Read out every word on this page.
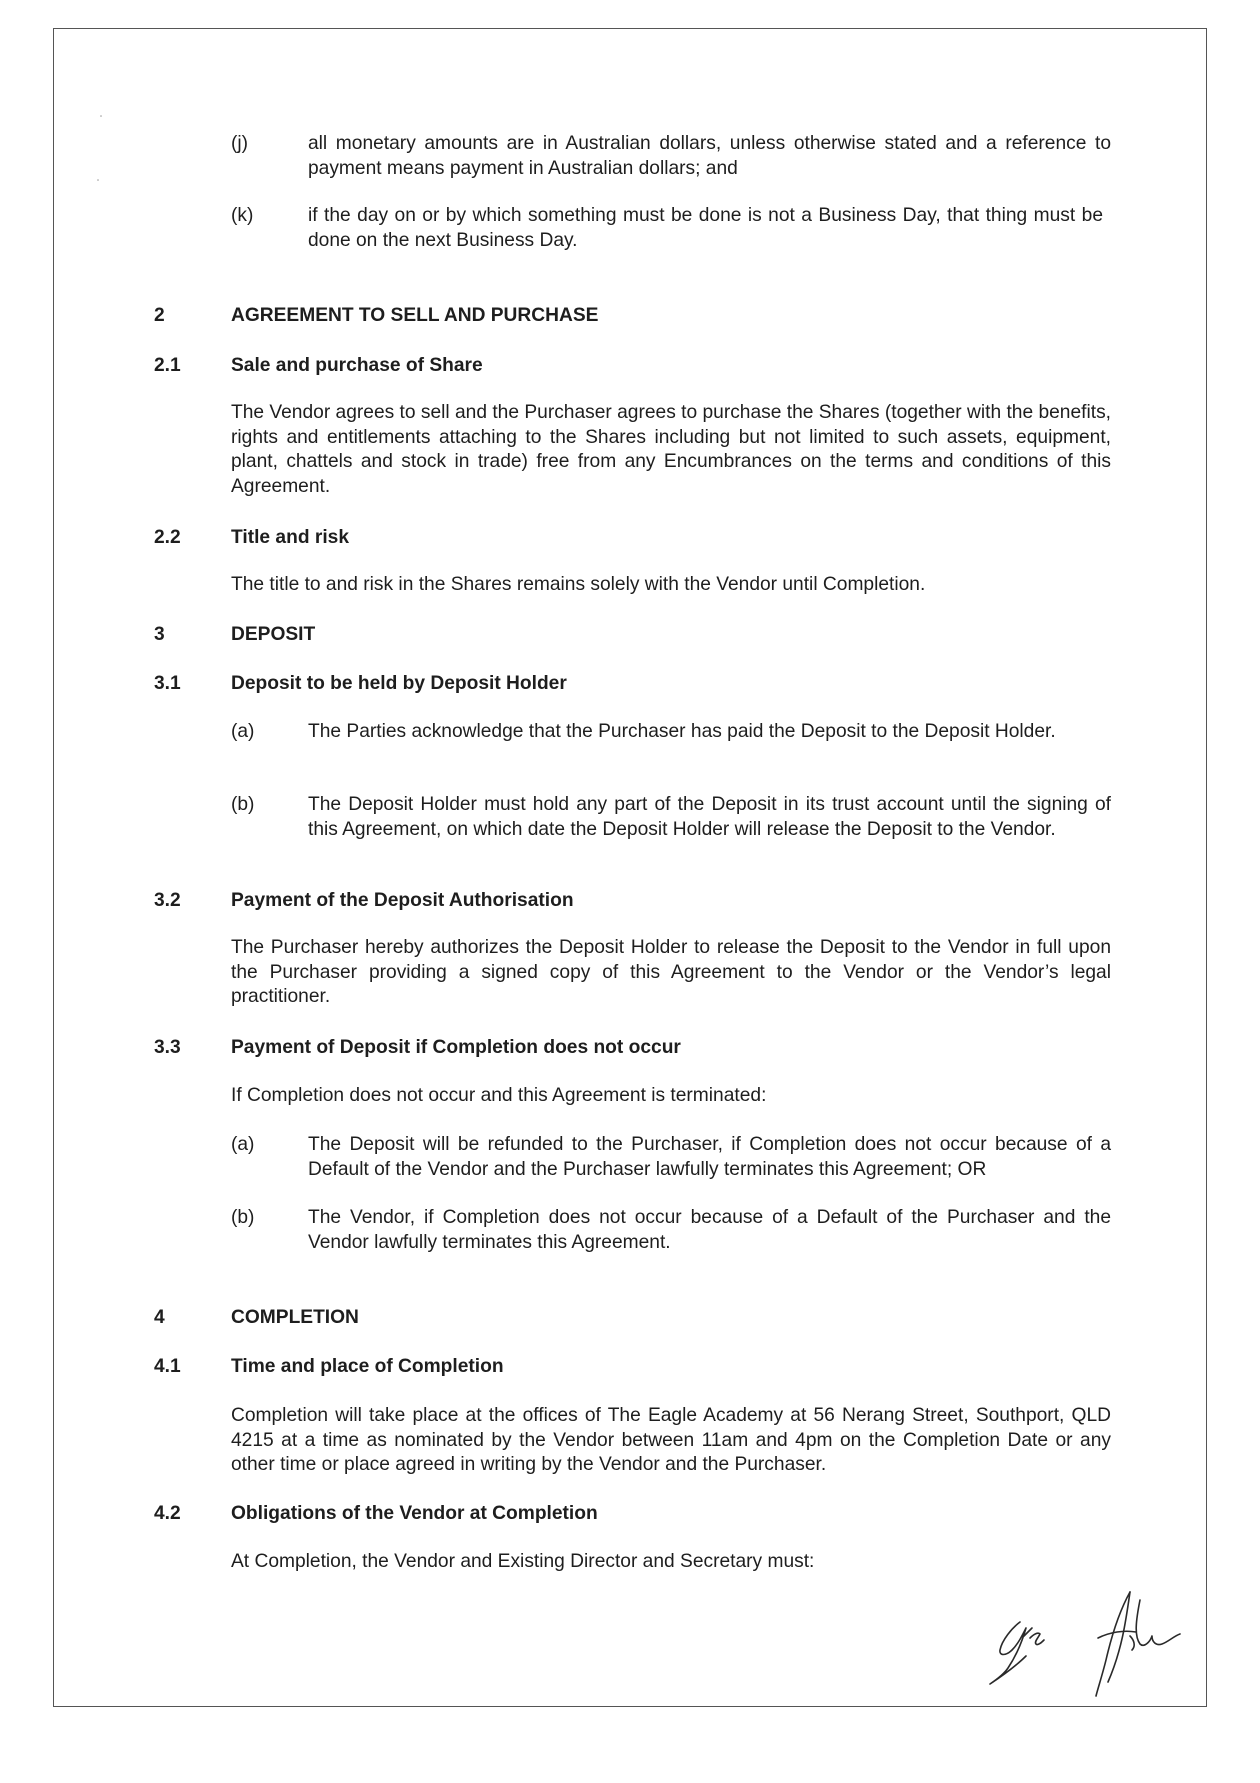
(j)	all monetary amounts are in Australian dollars, unless otherwise stated and a reference to payment means payment in Australian dollars; and
(k)	if the day on or by which something must be done is not a Business Day, that thing must be done on the next Business Day.
2	AGREEMENT TO SELL AND PURCHASE
2.1	Sale and purchase of Share
The Vendor agrees to sell and the Purchaser agrees to purchase the Shares (together with the benefits, rights and entitlements attaching to the Shares including but not limited to such assets, equipment, plant, chattels and stock in trade) free from any Encumbrances on the terms and conditions of this Agreement.
2.2	Title and risk
The title to and risk in the Shares remains solely with the Vendor until Completion.
3	DEPOSIT
3.1	Deposit to be held by Deposit Holder
(a)	The Parties acknowledge that the Purchaser has paid the Deposit to the Deposit Holder.
(b)	The Deposit Holder must hold any part of the Deposit in its trust account until the signing of this Agreement, on which date the Deposit Holder will release the Deposit to the Vendor.
3.2	Payment of the Deposit Authorisation
The Purchaser hereby authorizes the Deposit Holder to release the Deposit to the Vendor in full upon the Purchaser providing a signed copy of this Agreement to the Vendor or the Vendor’s legal practitioner.
3.3	Payment of Deposit if Completion does not occur
If Completion does not occur and this Agreement is terminated:
(a)	The Deposit will be refunded to the Purchaser, if Completion does not occur because of a Default of the Vendor and the Purchaser lawfully terminates this Agreement; OR
(b)	The Vendor, if Completion does not occur because of a Default of the Purchaser and the Vendor lawfully terminates this Agreement.
4	COMPLETION
4.1	Time and place of Completion
Completion will take place at the offices of The Eagle Academy at 56 Nerang Street, Southport, QLD 4215 at a time as nominated by the Vendor between 11am and 4pm on the Completion Date or any other time or place agreed in writing by the Vendor and the Purchaser.
4.2	Obligations of the Vendor at Completion
At Completion, the Vendor and Existing Director and Secretary must:
